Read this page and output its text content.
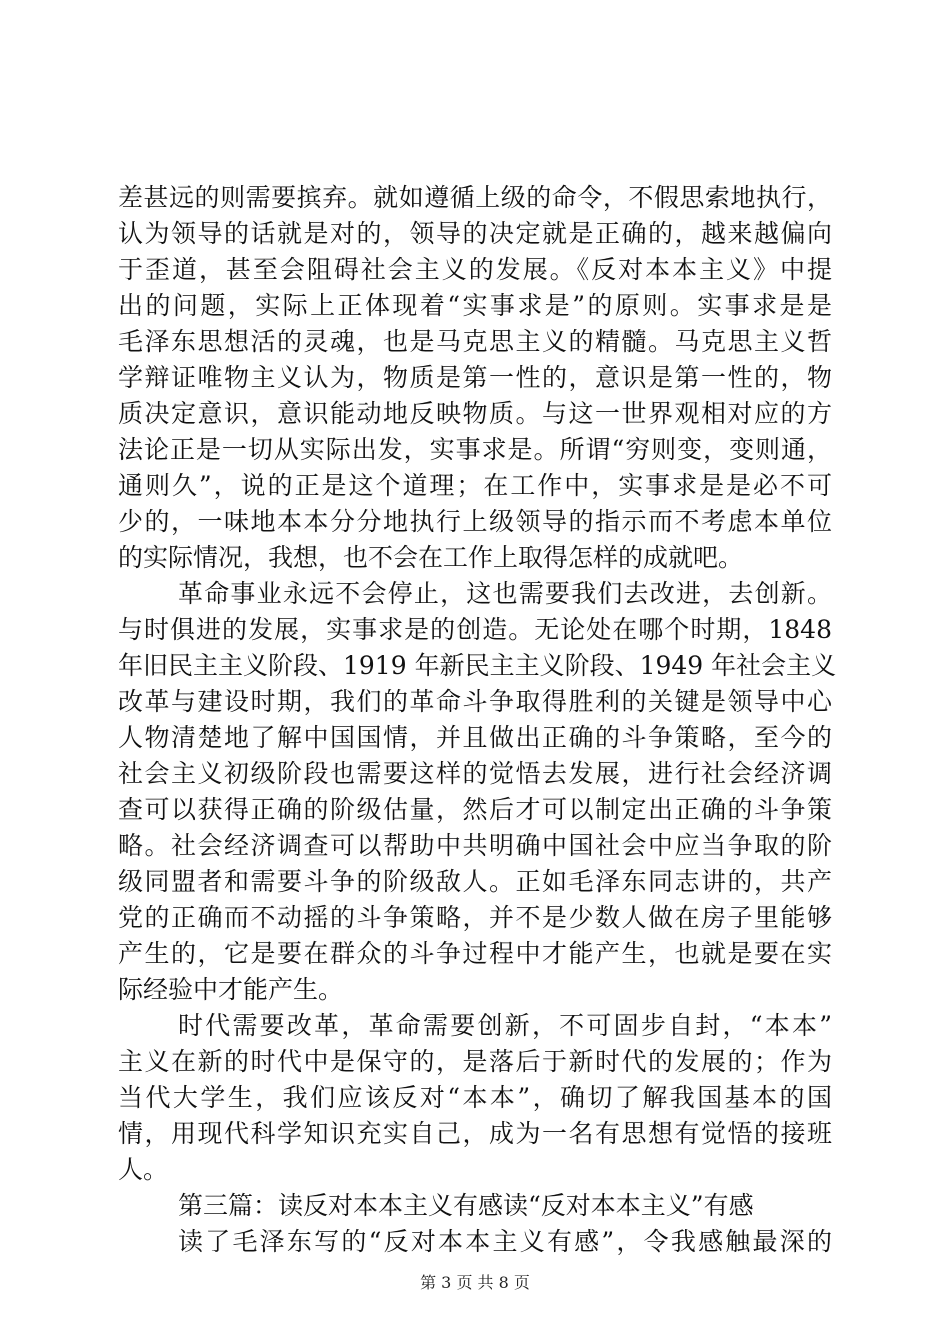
差甚远的则需要摈弃。就如遵循上级的命令，不假思索地执行，
认为领导的话就是对的，领导的决定就是正确的，越来越偏向
于歪道，甚至会阻碍社会主义的发展。《反对本本主义》中提
出的问题，实际上正体现着“实事求是”的原则。实事求是是
毛泽东思想活的灵魂，也是马克思主义的精髓。马克思主义哲
学辩证唯物主义认为，物质是第一性的，意识是第一性的，物
质决定意识，意识能动地反映物质。与这一世界观相对应的方
法论正是一切从实际出发，实事求是。所谓“穷则变，变则通，
通则久”，说的正是这个道理；在工作中，实事求是是必不可
少的，一味地本本分分地执行上级领导的指示而不考虑本单位
的实际情况，我想，也不会在工作上取得怎样的成就吧。
革命事业永远不会停止，这也需要我们去改进，去创新。
与时俱进的发展，实事求是的创造。无论处在哪个时期，1848
年旧民主主义阶段、1919 年新民主主义阶段、1949 年社会主义
改革与建设时期，我们的革命斗争取得胜利的关键是领导中心
人物清楚地了解中国国情，并且做出正确的斗争策略，至今的
社会主义初级阶段也需要这样的觉悟去发展，进行社会经济调
查可以获得正确的阶级估量，然后才可以制定出正确的斗争策
略。社会经济调查可以帮助中共明确中国社会中应当争取的阶
级同盟者和需要斗争的阶级敌人。正如毛泽东同志讲的，共产
党的正确而不动摇的斗争策略，并不是少数人做在房子里能够
产生的，它是要在群众的斗争过程中才能产生，也就是要在实
际经验中才能产生。
时代需要改革，革命需要创新，不可固步自封，“本本”
主义在新的时代中是保守的，是落后于新时代的发展的；作为
当代大学生，我们应该反对“本本”，确切了解我国基本的国
情，用现代科学知识充实自己，成为一名有思想有觉悟的接班
人。
第三篇：读反对本本主义有感读“反对本本主义”有感
读了毛泽东写的“反对本本主义有感”，令我感触最深的
第 3 页 共 8 页
